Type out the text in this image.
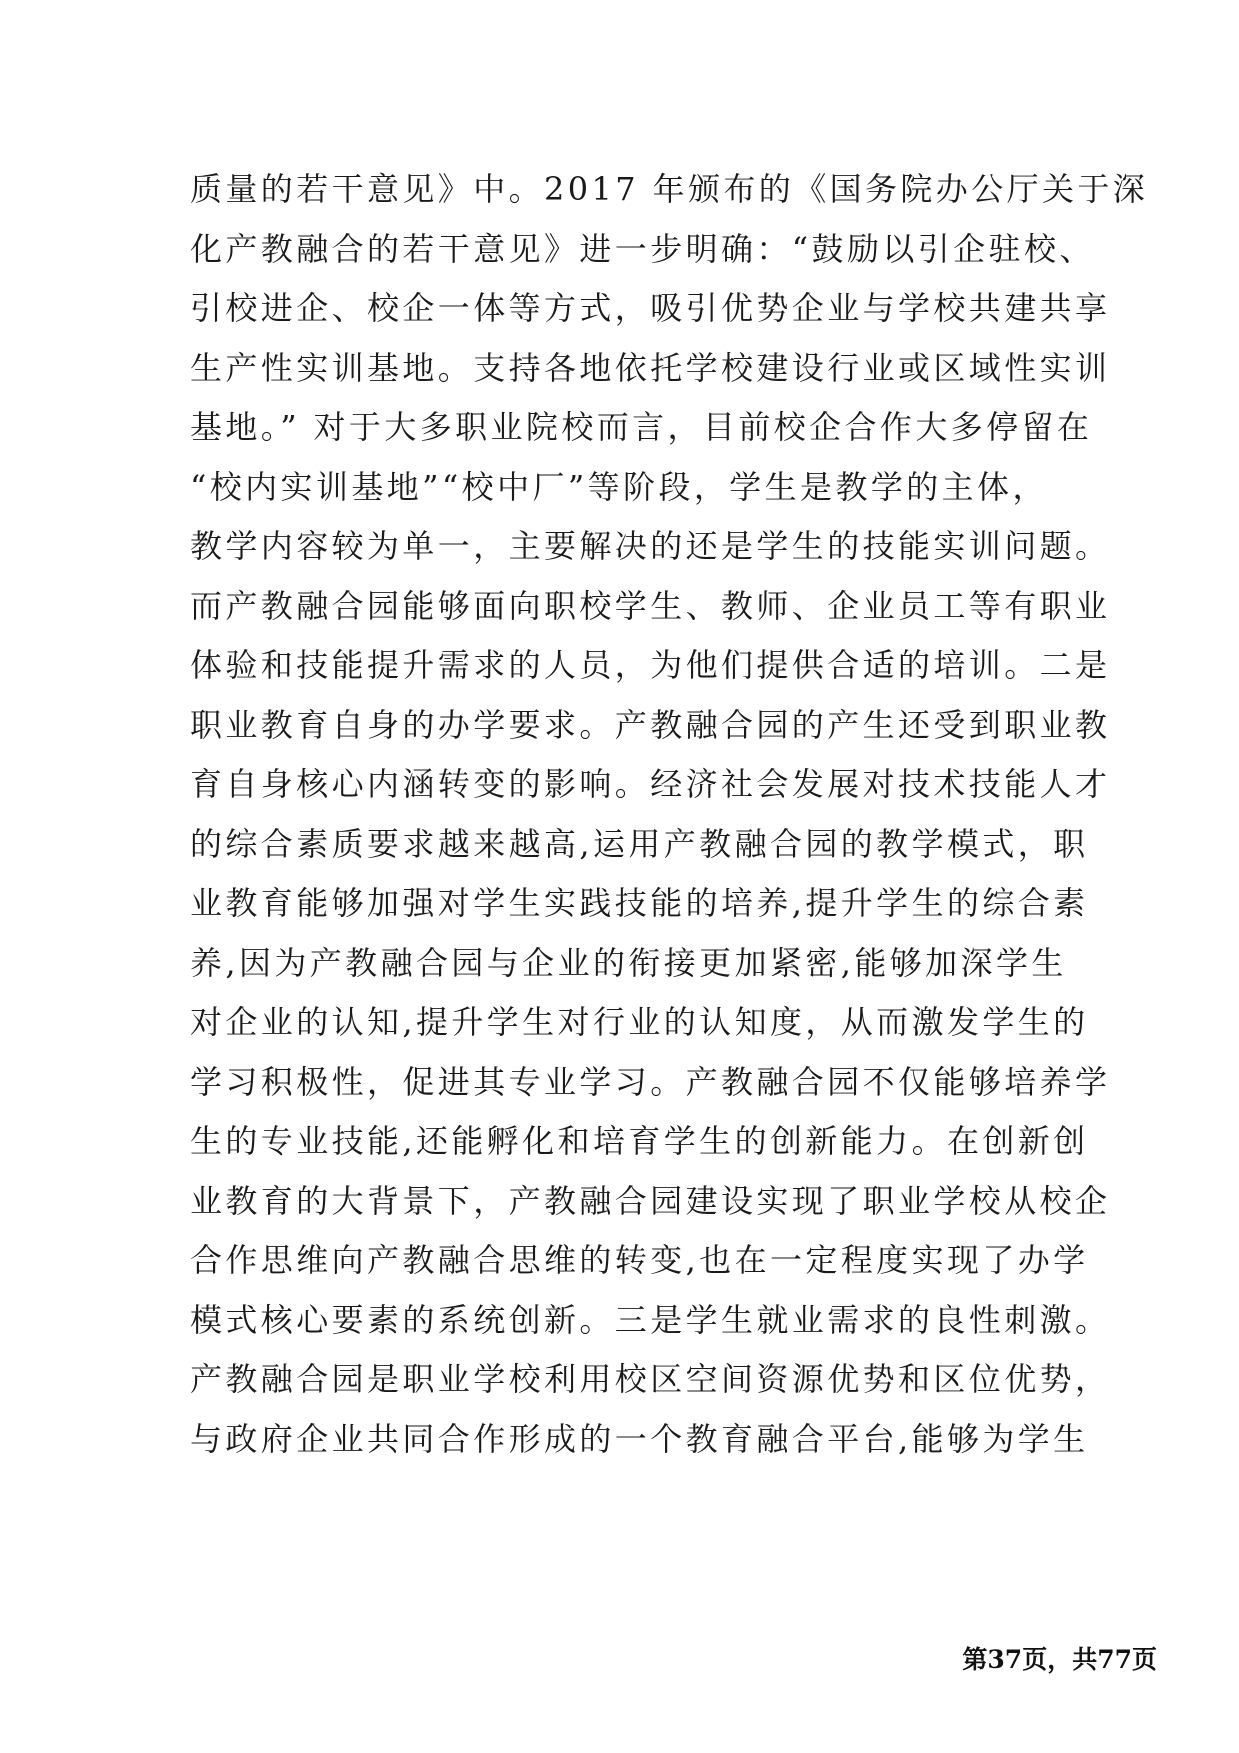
质量的若干意见》中。2017 年颁布的《国务院办公厅关于深
化产教融合的若干意见》进一步明确：“鼓励以引企驻校、
引校进企、校企一体等方式，吸引优势企业与学校共建共享
生产性实训基地。支持各地依托学校建设行业或区域性实训
基地。” 对于大多职业院校而言，目前校企合作大多停留在
“校内实训基地”“校中厂”等阶段，学生是教学的主体，
教学内容较为单一，主要解决的还是学生的技能实训问题。
而产教融合园能够面向职校学生、教师、企业员工等有职业
体验和技能提升需求的人员，为他们提供合适的培训。二是
职业教育自身的办学要求。产教融合园的产生还受到职业教
育自身核心内涵转变的影响。经济社会发展对技术技能人才
的综合素质要求越来越高,运用产教融合园的教学模式，职
业教育能够加强对学生实践技能的培养,提升学生的综合素
养,因为产教融合园与企业的衔接更加紧密,能够加深学生
对企业的认知,提升学生对行业的认知度，从而激发学生的
学习积极性，促进其专业学习。产教融合园不仅能够培养学
生的专业技能,还能孵化和培育学生的创新能力。在创新创
业教育的大背景下，产教融合园建设实现了职业学校从校企
合作思维向产教融合思维的转变,也在一定程度实现了办学
模式核心要素的系统创新。三是学生就业需求的良性刺激。
产教融合园是职业学校利用校区空间资源优势和区位优势，
与政府企业共同合作形成的一个教育融合平台,能够为学生
第37页，共77页
